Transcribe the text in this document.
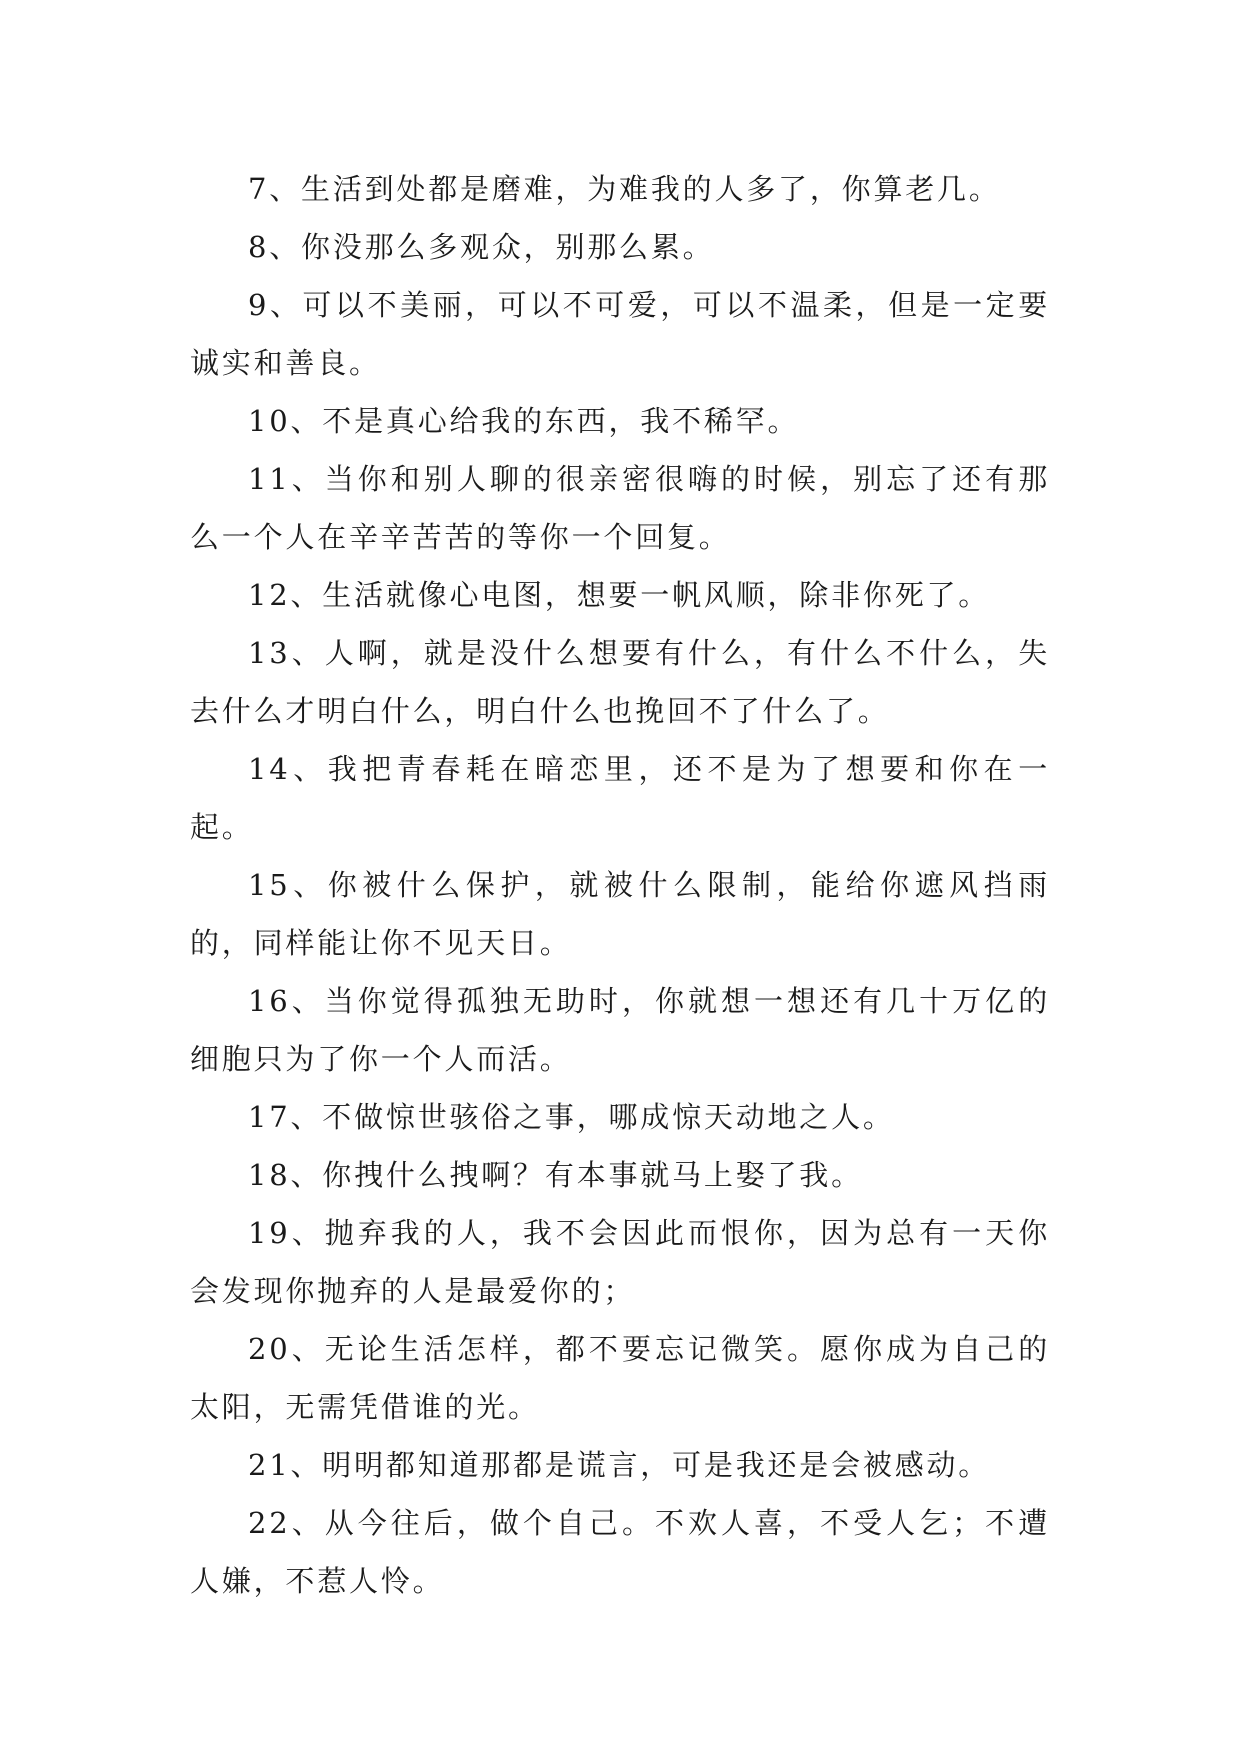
7、生活到处都是磨难，为难我的人多了，你算老几。

8、你没那么多观众，别那么累。

9、可以不美丽，可以不可爱，可以不温柔，但是一定要诚实和善良。

10、不是真心给我的东西，我不稀罕。

11、当你和别人聊的很亲密很嗨的时候，别忘了还有那么一个人在辛辛苦苦的等你一个回复。

12、生活就像心电图，想要一帆风顺，除非你死了。

13、人啊，就是没什么想要有什么，有什么不什么，失去什么才明白什么，明白什么也挽回不了什么了。

14、我把青春耗在暗恋里，还不是为了想要和你在一起。

15、你被什么保护，就被什么限制，能给你遮风挡雨的，同样能让你不见天日。

16、当你觉得孤独无助时，你就想一想还有几十万亿的细胞只为了你一个人而活。

17、不做惊世骇俗之事，哪成惊天动地之人。

18、你拽什么拽啊？有本事就马上娶了我。

19、抛弃我的人，我不会因此而恨你，因为总有一天你会发现你抛弃的人是最爱你的；

20、无论生活怎样，都不要忘记微笑。愿你成为自己的太阳，无需凭借谁的光。

21、明明都知道那都是谎言，可是我还是会被感动。

22、从今往后，做个自己。不欢人喜，不受人乞；不遭人嫌，不惹人怜。
